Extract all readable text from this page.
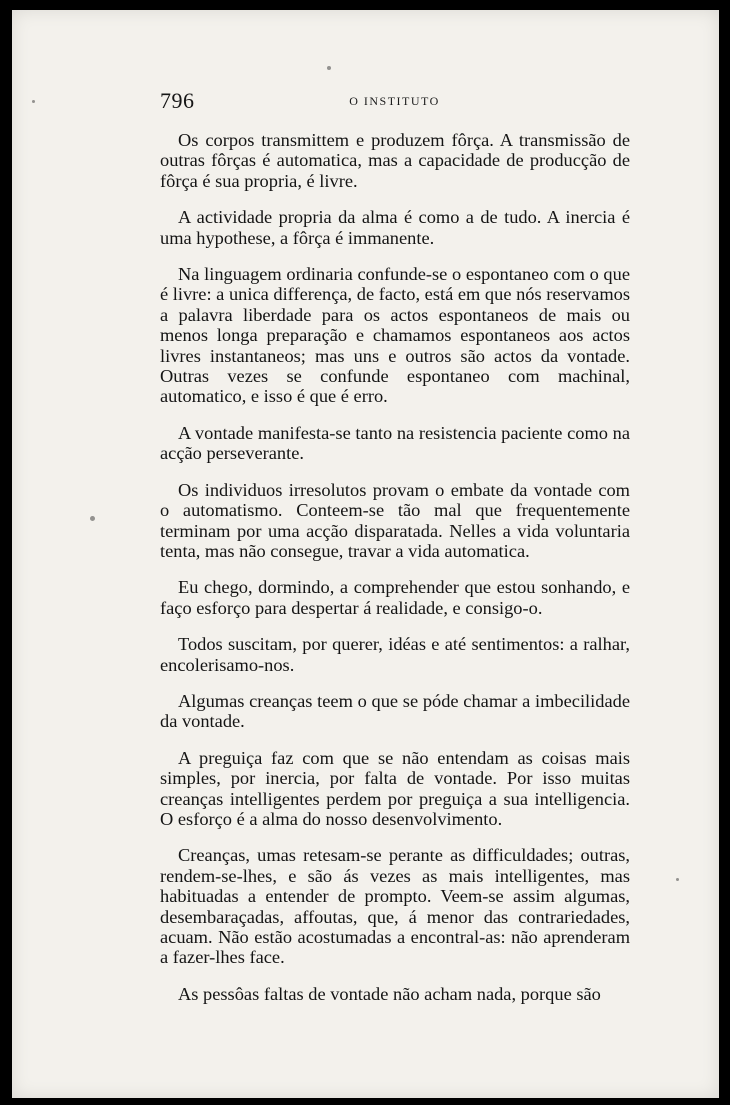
796	O INSTITUTO

Os corpos transmittem e produzem fôrça. A transmissão de outras fôrças é automatica, mas a capacidade de producção de fôrça é sua propria, é livre.

A actividade propria da alma é como a de tudo. A inercia é uma hypothese, a fôrça é immanente.

Na linguagem ordinaria confunde-se o espontaneo com o que é livre: a unica differença, de facto, está em que nós reservamos a palavra liberdade para os actos espontaneos de mais ou menos longa preparação e chamamos espontaneos aos actos livres instantaneos; mas uns e outros são actos da vontade. Outras vezes se confunde espontaneo com machinal, automatico, e isso é que é erro.

A vontade manifesta-se tanto na resistencia paciente como na acção perseverante.

Os individuos irresolutos provam o embate da vontade com o automatismo. Conteem-se tão mal que frequentemente terminam por uma acção disparatada. Nelles a vida voluntaria tenta, mas não consegue, travar a vida automatica.

Eu chego, dormindo, a comprehender que estou sonhando, e faço esforço para despertar á realidade, e consigo-o.

Todos suscitam, por querer, idéas e até sentimentos: a ralhar, encolerisamo-nos.

Algumas creanças teem o que se póde chamar a imbecilidade da vontade.

A preguiça faz com que se não entendam as coisas mais simples, por inercia, por falta de vontade. Por isso muitas creanças intelligentes perdem por preguiça a sua intelligencia. O esforço é a alma do nosso desenvolvimento.

Creanças, umas retesam-se perante as difficuldades; outras, rendem-se-lhes, e são ás vezes as mais intelligentes, mas habituadas a entender de prompto. Veem-se assim algumas, desembaraçadas, affoutas, que, á menor das contrariedades, acuam. Não estão acostumadas a encontral-as: não aprenderam a fazer-lhes face.

As pessôas faltas de vontade não acham nada, porque são
